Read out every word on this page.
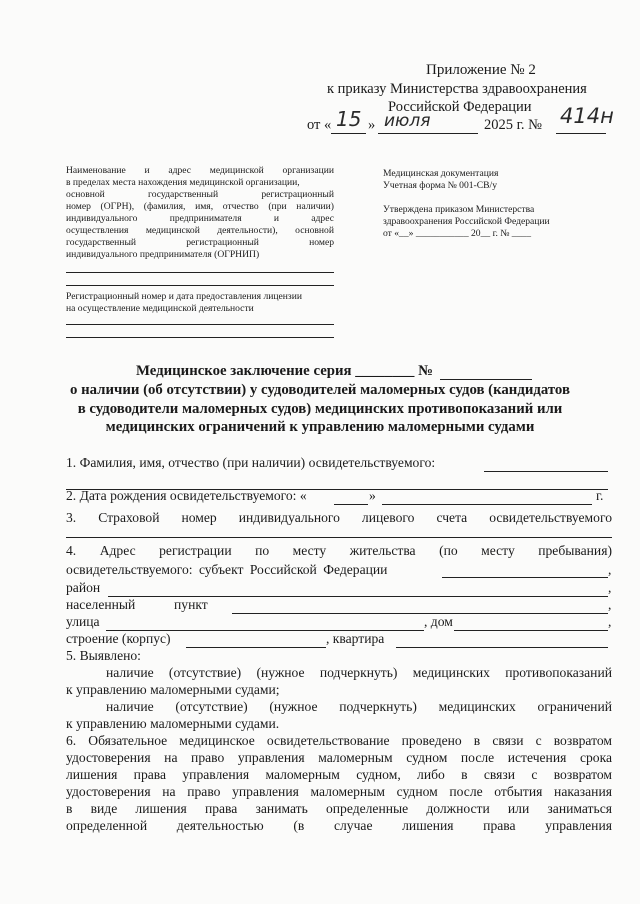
Приложение № 2
к приказу Министерства здравоохранения
Российской Федерации
от « 15 » июля	2025 г. № 414н
Наименование и адрес медицинской организации
в пределах места нахождения медицинской организации,
основной государственный регистрационный
номер (ОГРН), (фамилия, имя, отчество (при наличии)
индивидуального предпринимателя и адрес
осуществления медицинской деятельности), основной
государственный регистрационный номер
индивидуального предпринимателя (ОГРНИП)
Регистрационный номер и дата предоставления лицензии
на осуществление медицинской деятельности
Медицинская документация
Учетная форма № 001-СВ/у
Утверждена приказом Министерства
здравоохранения Российской Федерации
от «__» ___________ 20__ г. № ____
Медицинское заключение серия ________ №
о наличии (об отсутствии) у судоводителей маломерных судов (кандидатов
в судоводители маломерных судов) медицинских противопоказаний или
медицинских ограничений к управлению маломерными судами
1. Фамилия, имя, отчество (при наличии) освидетельствуемого:
2. Дата рождения освидетельствуемого: «	»	г.
3. Страховой номер индивидуального лицевого счета освидетельствуемого
4. Адрес регистрации по месту жительства (по месту пребывания)
освидетельствуемого: субъект Российской Федерации	,
район	,
населенный	пункт	,
улица	, дом	,
строение (корпус)	, квартира
5. Выявлено:
наличие (отсутствие) (нужное подчеркнуть) медицинских противопоказаний
к управлению маломерными судами;
наличие (отсутствие) (нужное подчеркнуть) медицинских ограничений
к управлению маломерными судами.
6. Обязательное медицинское освидетельствование проведено в связи с возвратом
удостоверения на право управления маломерным судном после истечения срока
лишения права управления маломерным судном, либо в связи с возвратом
удостоверения на право управления маломерным судном после отбытия наказания
в виде лишения права занимать определенные должности или заниматься
определенной деятельностью (в случае лишения права управления
